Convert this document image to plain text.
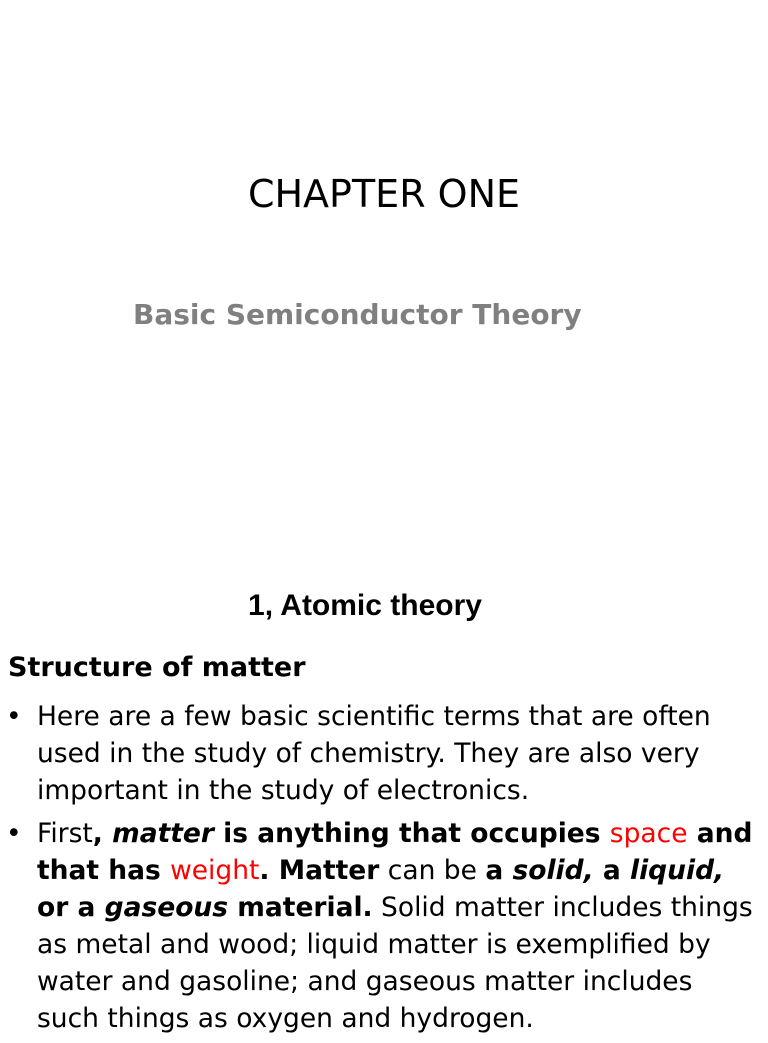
CHAPTER ONE
Basic Semiconductor Theory
1, Atomic theory
Structure of matter
• Here are a few basic scientific terms that are often used in the study of chemistry. They are also very important in the study of electronics.
• First, matter is anything that occupies space and that has weight. Matter can be a solid, a liquid, or a gaseous material. Solid matter includes things as metal and wood; liquid matter is exemplified by water and gasoline; and gaseous matter includes such things as oxygen and hydrogen.
